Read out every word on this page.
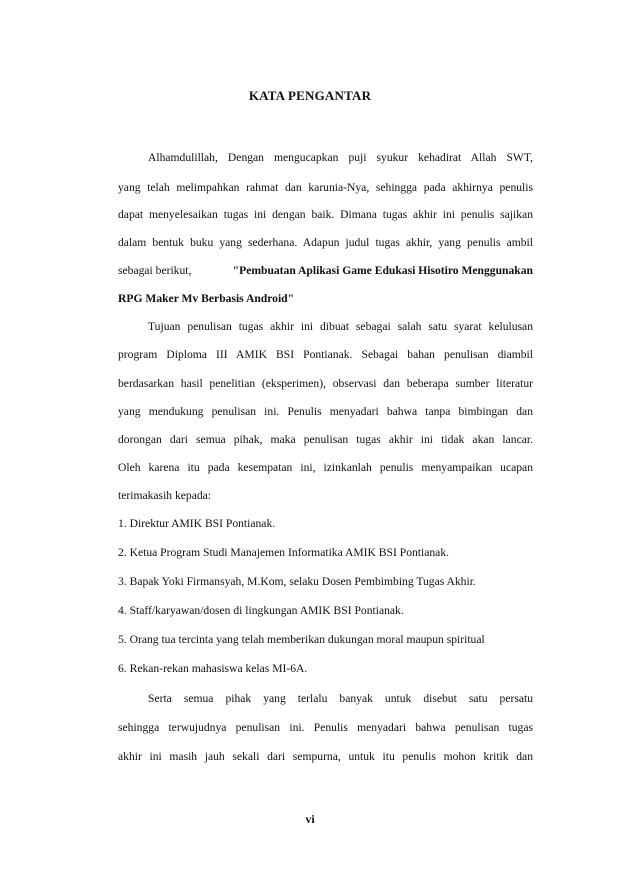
KATA PENGANTAR
Alhamdulillah, Dengan mengucapkan puji syukur kehadirat Allah SWT,
yang telah melimpahkan rahmat dan karunia-Nya, sehingga pada akhirnya penulis
dapat menyelesaikan tugas ini dengan baik. Dimana tugas akhir ini penulis sajikan
dalam bentuk buku yang sederhana. Adapun judul tugas akhir, yang penulis ambil
sebagai berikut,	"Pembuatan Aplikasi Game Edukasi Hisotiro Menggunakan
RPG Maker Mv Berbasis Android"
Tujuan penulisan tugas akhir ini dibuat sebagai salah satu syarat kelulusan
program Diploma III AMIK BSI Pontianak. Sebagai bahan penulisan diambil
berdasarkan hasil penelitian (eksperimen), observasi dan beberapa sumber literatur
yang mendukung penulisan ini. Penulis menyadari bahwa tanpa bimbingan dan
dorongan dari semua pihak, maka penulisan tugas akhir ini tidak akan lancar.
Oleh karena itu pada kesempatan ini, izinkanlah penulis menyampaikan ucapan
terimakasih kepada:
1. Direktur AMIK BSI Pontianak.
2. Ketua Program Studi Manajemen Informatika AMIK BSI Pontianak.
3. Bapak Yoki Firmansyah, M.Kom, selaku Dosen Pembimbing Tugas Akhir.
4. Staff/karyawan/dosen di lingkungan AMIK BSI Pontianak.
5. Orang tua tercinta yang telah memberikan dukungan moral maupun spiritual
6. Rekan-rekan mahasiswa kelas MI-6A.
Serta semua pihak yang terlalu banyak untuk disebut satu persatu
sehingga terwujudnya penulisan ini. Penulis menyadari bahwa penulisan tugas
akhir ini masih jauh sekali dari sempurna, untuk itu penulis mohon kritik dan
vi
